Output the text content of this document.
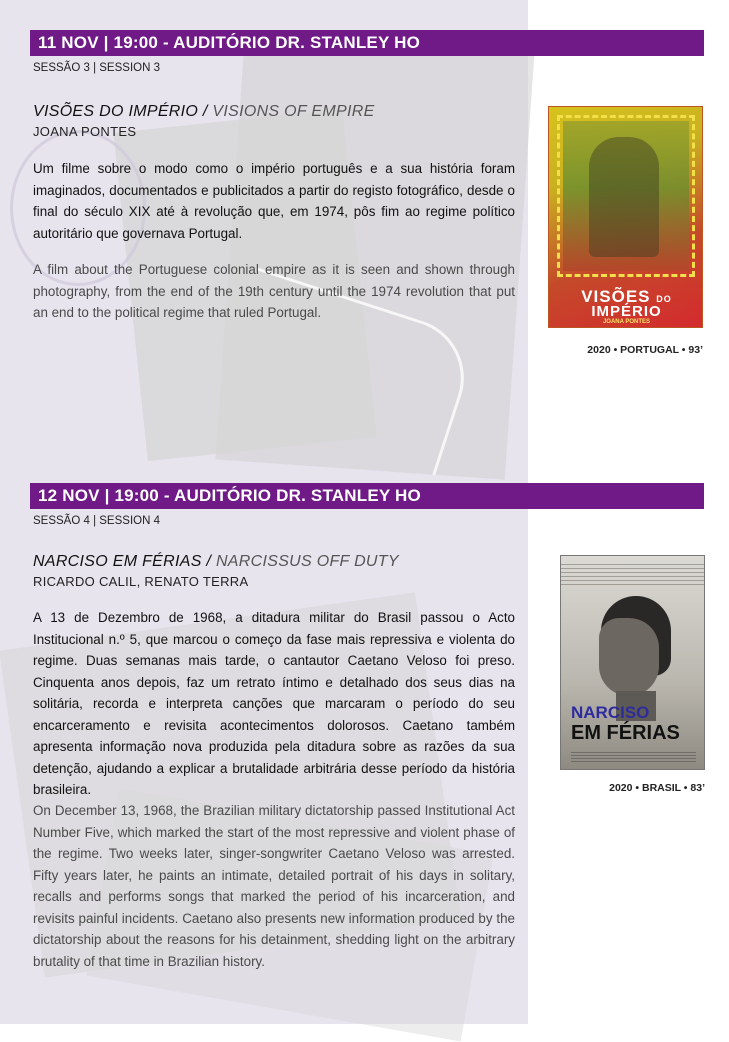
11 NOV | 19:00 - AUDITÓRIO DR. STANLEY HO
SESSÃO 3 | SESSION 3
VISÕES DO IMPÉRIO / VISIONS OF EMPIRE
JOANA PONTES
Um filme sobre o modo como o império português e a sua história foram imaginados, documentados e publicitados a partir do registo fotográfico, desde o final do século XIX até à revolução que, em 1974, pôs fim ao regime político autoritário que governava Portugal.
A film about the Portuguese colonial empire as it is seen and shown through photography, from the end of the 19th century until the 1974 revolution that put an end to the political regime that ruled Portugal.
VISÕES DO
IMPÉRIO
JOANA PONTES
2020 • PORTUGAL • 93’
12 NOV | 19:00 - AUDITÓRIO DR. STANLEY HO
SESSÃO 4 | SESSION 4
NARCISO EM FÉRIAS / NARCISSUS OFF DUTY
RICARDO CALIL, RENATO TERRA
A 13 de Dezembro de 1968, a ditadura militar do Brasil passou o Acto Institucional n.º 5, que marcou o começo da fase mais repressiva e violenta do regime. Duas semanas mais tarde, o cantautor Caetano Veloso foi preso. Cinquenta anos depois, faz um retrato íntimo e detalhado dos seus dias na solitária, recorda e interpreta canções que marcaram o período do seu encarceramento e revisita acontecimentos dolorosos. Caetano também apresenta informação nova produzida pela ditadura sobre as razões da sua detenção, ajudando a explicar a brutalidade arbitrária desse período da história brasileira.
On December 13, 1968, the Brazilian military dictatorship passed Institutional Act Number Five, which marked the start of the most repressive and violent phase of the regime. Two weeks later, singer-songwriter Caetano Veloso was arrested. Fifty years later, he paints an intimate, detailed portrait of his days in solitary, recalls and performs songs that marked the period of his incarceration, and revisits painful incidents. Caetano also presents new information produced by the dictatorship about the reasons for his detainment, shedding light on the arbitrary brutality of that time in Brazilian history.
NARCISO
EM FÉRIAS
2020 • BRASIL • 83’
